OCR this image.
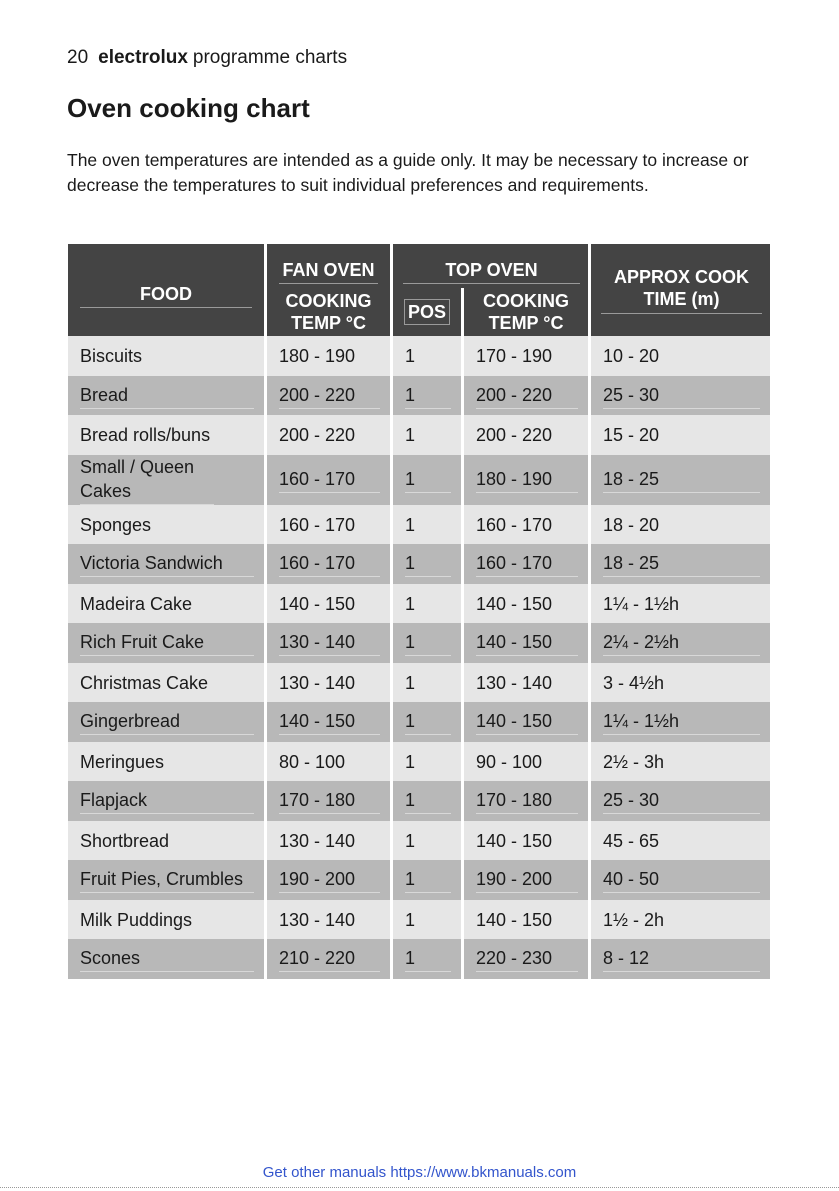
20 electrolux programme charts
Oven cooking chart

The oven temperatures are intended as a guide only. It may be necessary to increase or decrease the temperatures to suit individual preferences and requirements.

FOOD	FAN OVEN	TOP OVEN		APPROX COOK TIME (m)

	COOKING TEMP °C	POS	COOKING TEMP °C	
Biscuits	180 - 190	1	170 - 190	10 - 20

Bread	200 - 220	1	200 - 220	25 - 30

Bread rolls/buns	200 - 220	1	200 - 220	15 - 20

Small / Queen Cakes	160 - 170	1	180 - 190	18 - 25

Sponges	160 - 170	1	160 - 170	18 - 20

Victoria Sandwich	160 - 170	1	160 - 170	18 - 25

Madeira Cake	140 - 150	1	140 - 150	1¼ - 1½h

Rich Fruit Cake	130 - 140	1	140 - 150	2¼ - 2½h

Christmas Cake	130 - 140	1	130 - 140	3 - 4½h

Gingerbread	140 - 150	1	140 - 150	1¼ - 1½h

Meringues	80 - 100	1	90 - 100	2½ - 3h

Flapjack	170 - 180	1	170 - 180	25 - 30

Shortbread	130 - 140	1	140 - 150	45 - 65

Fruit Pies, Crumbles	190 - 200	1	190 - 200	40 - 50

Milk Puddings	130 - 140	1	140 - 150	1½ - 2h

Scones	210 - 220	1	220 - 230	8 - 12
Get other manuals https://www.bkmanuals.com
